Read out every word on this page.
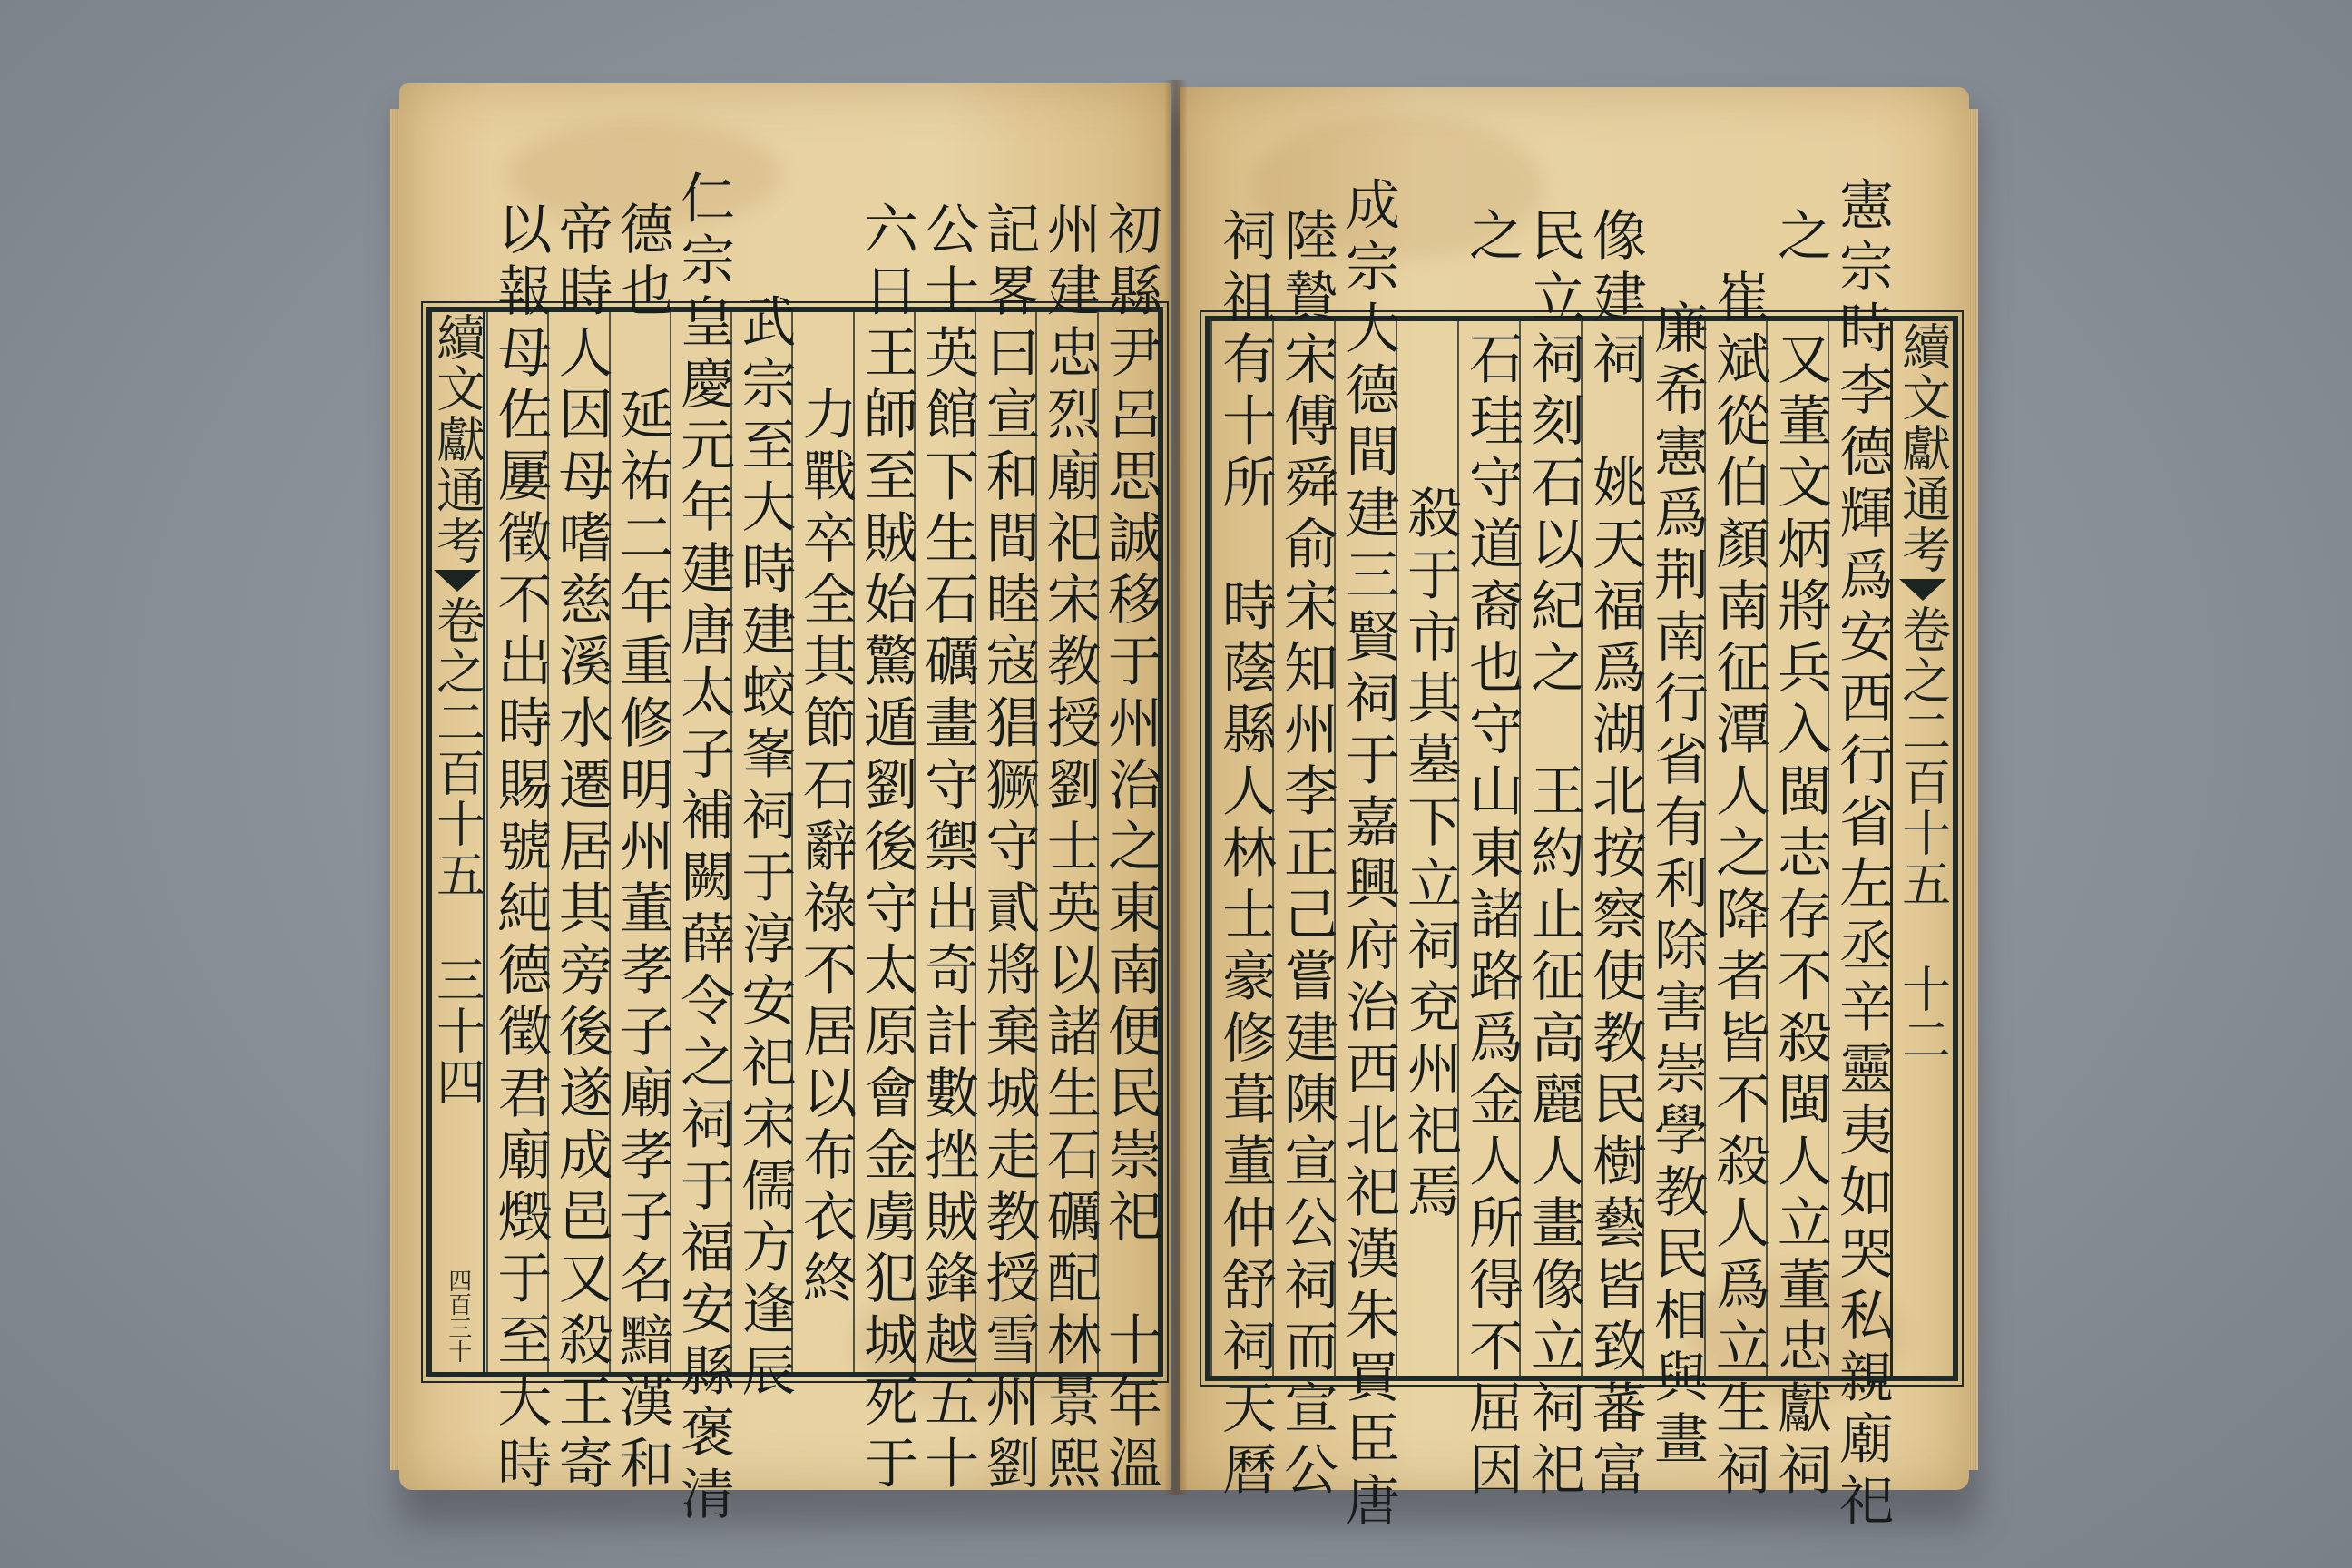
續文獻通考
卷之二百十五
三十四
四百三十	初縣尹呂思誠移于州治之東南便民崇祀　十年溫
州建忠烈廟祀宋教授劉士英以諸生石礪配林景熙
記畧曰宣和間睦寇猖獗守貳將棄城走教授雪州劉
公士英館下生石礪畫守禦出奇計數挫賊鋒越五十
六日王師至賊始驚遁劉後守太原會金虜犯城死于
力戰卒全其節石辭祿不居以布衣終
武宗至大時建蛟峯祠于淳安祀宋儒方逢辰
仁宗皇慶元年建唐太子補闕薛令之祠于福安縣褒清
德也　延祐二年重修明州董孝子廟孝子名黯漢和
帝時人因母嗜慈溪水遷居其旁後遂成邑又殺王寄
以報母佐屢徵不出時賜號純德徵君廟燬于至大時	憲宗時李德輝爲安西行省左丞辛靈夷如哭私親廟祀
之　又董文炳將兵入閩志存不殺閩人立董忠獻祠
　崔斌從伯顏南征潭人之降者皆不殺人爲立生祠
　廉希憲爲荆南行省有利除害崇學教民相與畫
像建祠　姚天福爲湖北按察使教民樹藝皆致蕃富
民立祠刻石以紀之　王約止征高麗人畫像立祠祀
之　石珪守道裔也守山東諸路爲金人所得不屈因
殺于市其墓下立祠兗州祀焉
成宗大德間建三賢祠于嘉興府治西北祀漢朱買臣唐
陸贄宋傅舜俞宋知州李正己嘗建陳宣公祠而宣公
祠祖有十所　時蔭縣人林士豪修葺董仲舒祠天曆	續文獻通考
卷之二百十五
十二
